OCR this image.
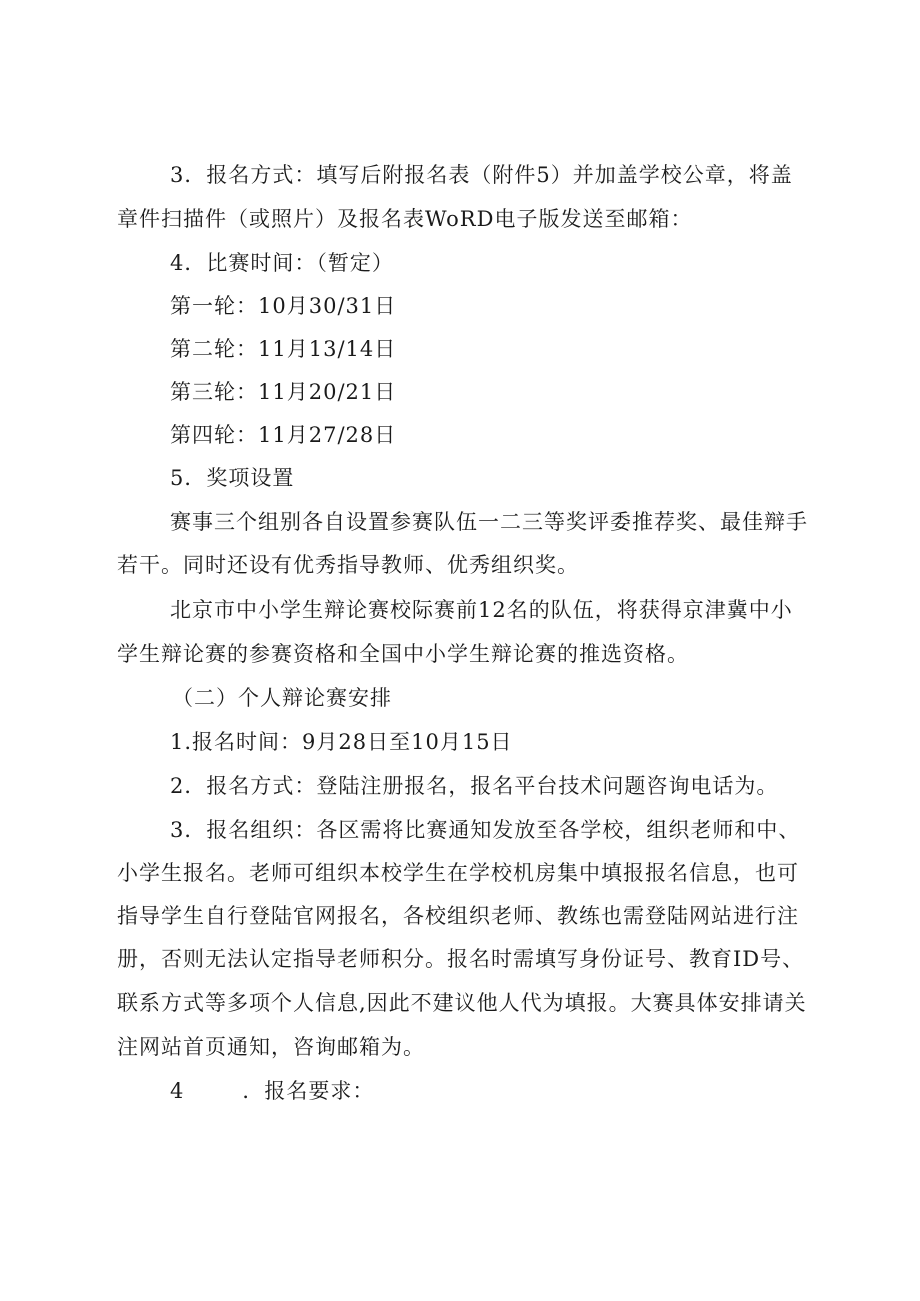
3．报名方式：填写后附报名表（附件5）并加盖学校公章，将盖
章件扫描件（或照片）及报名表WoRD电子版发送至邮箱：
4．比赛时间：（暂定）
第一轮：10月30/31日
第二轮：11月13/14日
第三轮：11月20/21日
第四轮：11月27/28日
5．奖项设置
赛事三个组别各自设置参赛队伍一二三等奖评委推荐奖、最佳辩手
若干。同时还设有优秀指导教师、优秀组织奖。
北京市中小学生辩论赛校际赛前12名的队伍，将获得京津冀中小
学生辩论赛的参赛资格和全国中小学生辩论赛的推选资格。
（二）个人辩论赛安排
1.报名时间：9月28日至10月15日
2．报名方式：登陆注册报名，报名平台技术问题咨询电话为。
3．报名组织：各区需将比赛通知发放至各学校，组织老师和中、
小学生报名。老师可组织本校学生在学校机房集中填报报名信息，也可
指导学生自行登陆官网报名，各校组织老师、教练也需登陆网站进行注
册，否则无法认定指导老师积分。报名时需填写身份证号、教育ID号、
联系方式等多项个人信息,因此不建议他人代为填报。大赛具体安排请关
注网站首页通知，咨询邮箱为。
4	．报名要求：
